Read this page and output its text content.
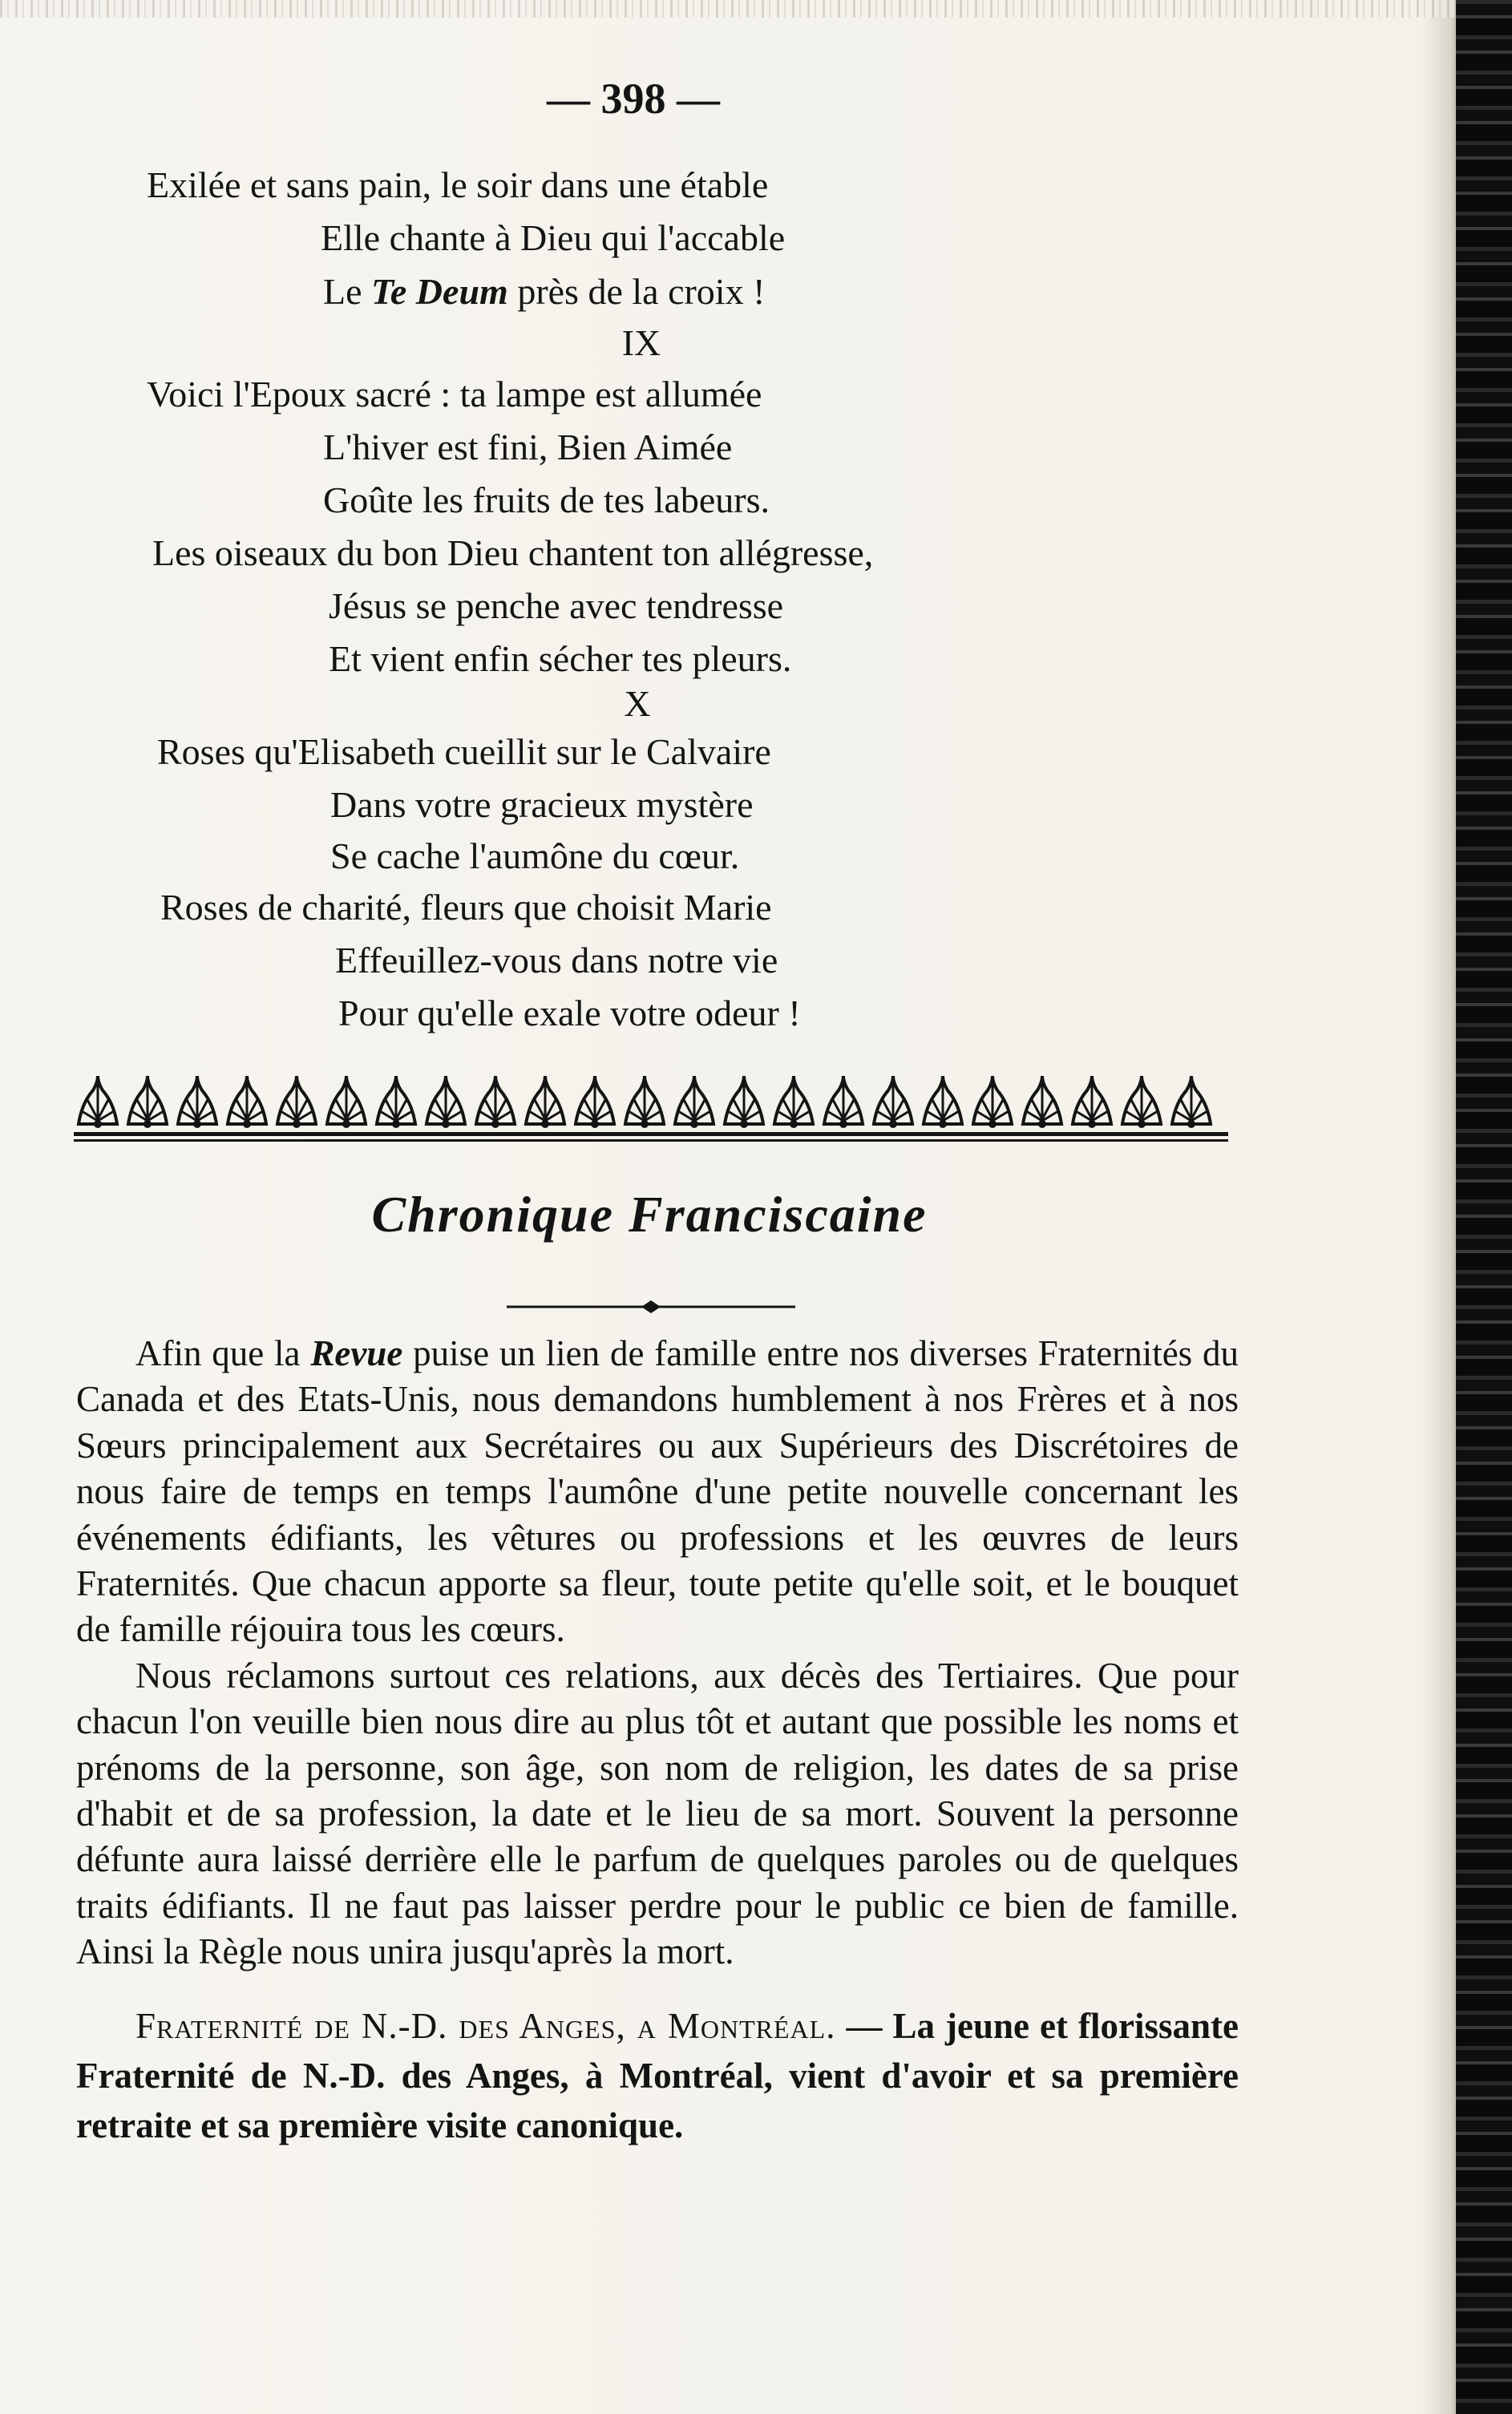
— 398 —
Exilée et sans pain, le soir dans une étable
Elle chante à Dieu qui l'accable
Le Te Deum près de la croix !
IX
Voici l'Epoux sacré : ta lampe est allumée
L'hiver est fini, Bien Aimée
Goûte les fruits de tes labeurs.
Les oiseaux du bon Dieu chantent ton allégresse,
Jésus se penche avec tendresse
Et vient enfin sécher tes pleurs.
X
Roses qu'Elisabeth cueillit sur le Calvaire
Dans votre gracieux mystère
Se cache l'aumône du cœur.
Roses de charité, fleurs que choisit Marie
Effeuillez-vous dans notre vie
Pour qu'elle exale votre odeur !
Chronique Franciscaine

Afin que la Revue puise un lien de famille entre nos diverses Fraternités du Canada et des Etats-Unis, nous demandons humblement à nos Frères et à nos Sœurs principalement aux Secrétaires ou aux Supérieurs des Discrétoires de nous faire de temps en temps l'aumône d'une petite nouvelle concernant les événements édifiants, les vêtures ou professions et les œuvres de leurs Fraternités. Que chacun apporte sa fleur, toute petite qu'elle soit, et le bouquet de famille réjouira tous les cœurs.

Nous réclamons surtout ces relations, aux décès des Tertiaires. Que pour chacun l'on veuille bien nous dire au plus tôt et autant que possible les noms et prénoms de la personne, son âge, son nom de religion, les dates de sa prise d'habit et de sa profession, la date et le lieu de sa mort. Souvent la personne défunte aura laissé derrière elle le parfum de quelques paroles ou de quelques traits édifiants. Il ne faut pas laisser perdre pour le public ce bien de famille. Ainsi la Règle nous unira jusqu'après la mort.

Fraternité de N.-D. des Anges, a Montréal. — La jeune et florissante Fraternité de N.-D. des Anges, à Montréal, vient d'avoir et sa première retraite et sa première visite canonique.
